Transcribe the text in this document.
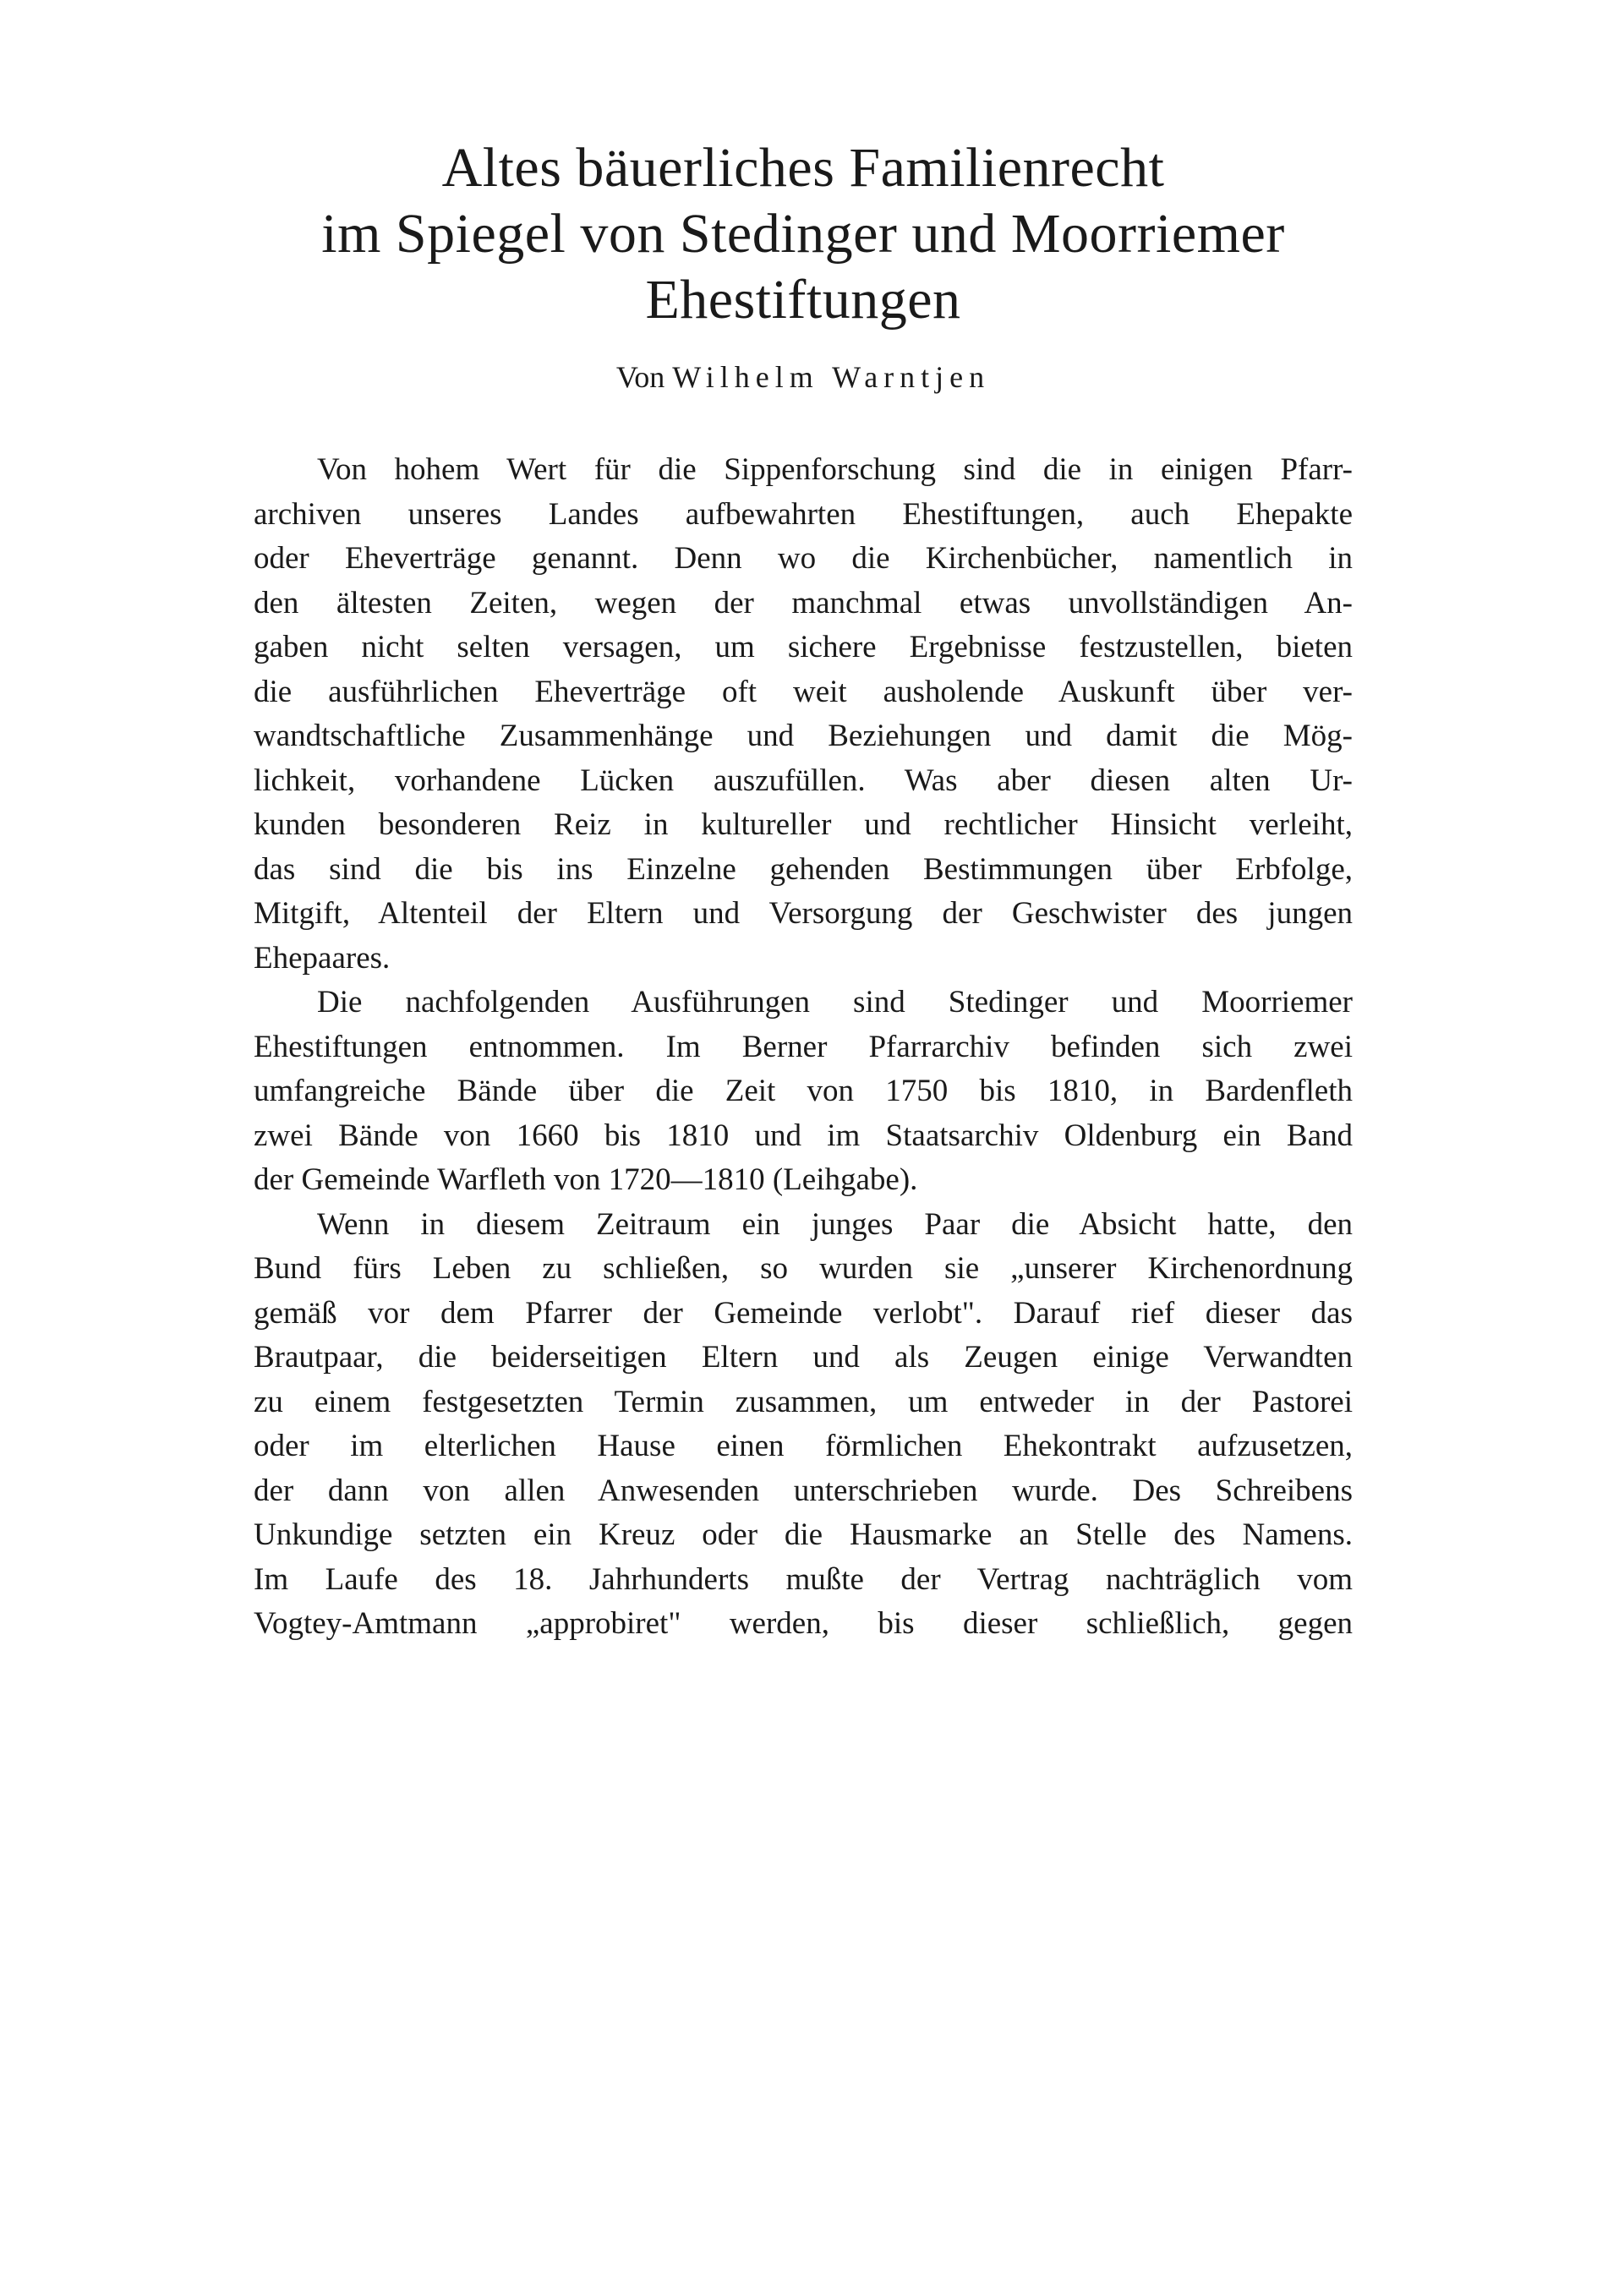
Altes bäuerliches Familienrecht
im Spiegel von Stedinger und Moorriemer
Ehestiftungen

Von Wilhelm Warntjen

Von hohem Wert für die Sippenforschung sind die in einigen Pfarr-
archiven unseres Landes aufbewahrten Ehestiftungen, auch Ehepakte
oder Eheverträge genannt. Denn wo die Kirchenbücher, namentlich in
den ältesten Zeiten, wegen der manchmal etwas unvollständigen An-
gaben nicht selten versagen, um sichere Ergebnisse festzustellen, bieten
die ausführlichen Eheverträge oft weit ausholende Auskunft über ver-
wandtschaftliche Zusammenhänge und Beziehungen und damit die Mög-
lichkeit, vorhandene Lücken auszufüllen. Was aber diesen alten Ur-
kunden besonderen Reiz in kultureller und rechtlicher Hinsicht verleiht,
das sind die bis ins Einzelne gehenden Bestimmungen über Erbfolge,
Mitgift, Altenteil der Eltern und Versorgung der Geschwister des jungen
Ehepaares.

Die nachfolgenden Ausführungen sind Stedinger und Moorriemer
Ehestiftungen entnommen. Im Berner Pfarrarchiv befinden sich zwei
umfangreiche Bände über die Zeit von 1750 bis 1810, in Bardenfleth
zwei Bände von 1660 bis 1810 und im Staatsarchiv Oldenburg ein Band
der Gemeinde Warfleth von 1720—1810 (Leihgabe).

Wenn in diesem Zeitraum ein junges Paar die Absicht hatte, den
Bund fürs Leben zu schließen, so wurden sie „unserer Kirchenordnung
gemäß vor dem Pfarrer der Gemeinde verlobt". Darauf rief dieser das
Brautpaar, die beiderseitigen Eltern und als Zeugen einige Verwandten
zu einem festgesetzten Termin zusammen, um entweder in der Pastorei
oder im elterlichen Hause einen förmlichen Ehekontrakt aufzusetzen,
der dann von allen Anwesenden unterschrieben wurde. Des Schreibens
Unkundige setzten ein Kreuz oder die Hausmarke an Stelle des Namens.
Im Laufe des 18. Jahrhunderts mußte der Vertrag nachträglich vom
Vogtey-Amtmann „approbiret" werden, bis dieser schließlich, gegen
